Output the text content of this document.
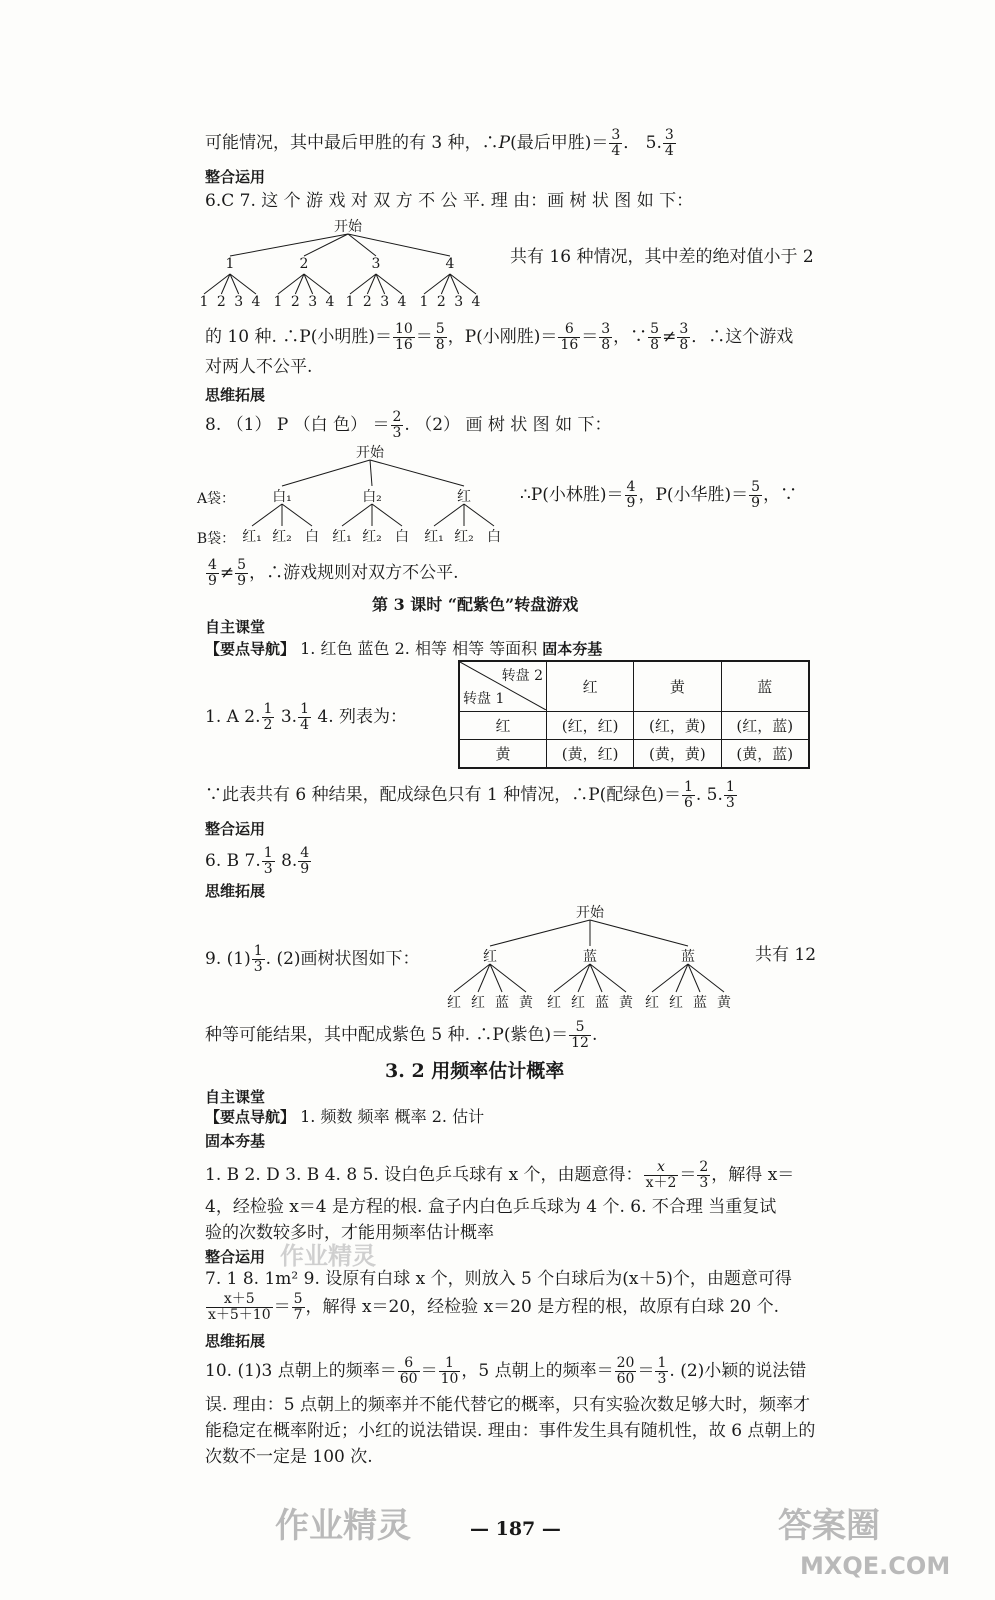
可能情况，其中最后甲胜的有 3 种，∴P(最后甲胜)＝ $\frac{3}{4}$ ． 5. $\frac{3}{4}$
整合运用
6.C 7. 这 个 游 戏 对 双 方 不 公 平. 理 由：画 树 状 图 如 下：
开始
1
1 2 3 4
2
1 2 3 4
3
1 2 3 4
4
1 2 3 4
共有 16 种情况，其中差的绝对值小于 2
的 10 种. ∴P(小明胜)＝ $\frac{10}{16} = \frac{5}{8}$ ，P(小刚胜)＝ $\frac{6}{16} = \frac{3}{8}$ ，∵ $\frac{5}{8} \ne \frac{3}{8}$ ．∴这个游戏
对两人不公平.
思维拓展
8. （1） P （白 色） ＝ $\frac{2}{3}$ . （2） 画 树 状 图 如 下：
开始
白₁
红₁ 红₂ 白
白₂
红₁ 红₂ 白
红
红₁ 红₂ 白
A袋：
B袋：
∴P(小林胜)＝ $\frac{4}{9}$ ，P(小华胜)＝ $\frac{5}{9}$ ，∵
$\frac{4}{9} \ne \frac{5}{9}$ ，∴游戏规则对双方不公平.
第 3 课时 “配紫色”转盘游戏
自主课堂
【要点导航】 1. 红色 蓝色 2. 相等 相等 等面积 固本夯基
1. A 2. $\frac{1}{2} 3$. $\frac{1}{4} 4$. 列表为：
转盘 2
转盘 1	红	黄	蓝
红	(红，红)	(红，黄)	(红，蓝)
黄	(黄，红)	(黄，黄)	(黄，蓝)
∵此表共有 6 种结果，配成绿色只有 1 种情况，∴P(配绿色)＝ $\frac{1}{6}$ . 5. $\frac{1}{3}$
整合运用
6. B 7. $\frac{1}{3} 8$. $\frac{4}{9}$
思维拓展
开始
红
红 红 蓝 黄
蓝
红 红 蓝 黄
蓝
红 红 蓝 黄
9. $(1) \frac{1}{3}$ . (2)画树状图如下：	共有 12
种等可能结果，其中配成紫色 5 种. ∴P(紫色)＝ $\frac{5}{12}$ .
3. 2 用频率估计概率
自主课堂
【要点导航】 1. 频数 频率 概率 2. 估计
固本夯基
1. B 2. D 3. B 4. 8 5. 设白色乒乓球有 x 个，由题意得： $\frac{x}{x+2} = \frac{2}{3}$ ，解得 x＝
4，经检验 x＝4 是方程的根. 盒子内白色乒乓球为 4 个. 6. 不合理 当重复试
验的次数较多时，才能用频率估计概率
整合运用
7. 1 8. 1m² 9. 设原有白球 x 个，则放入 5 个白球后为(x＋5)个，由题意可得
$\frac{x+5}{x+5+10} = \frac{5}{7}$ ，解得 x＝20，经检验 x＝20 是方程的根，故原有白球 20 个.
思维拓展
10. (1)3 点朝上的频率＝ $\frac{6}{60} = \frac{1}{10}$ ，5 点朝上的频率＝ $\frac{20}{60} = \frac{1}{3}$ . (2)小颖的说法错
误. 理由：5 点朝上的频率并不能代替它的概率，只有实验次数足够大时，频率才
能稳定在概率附近；小红的说法错误. 理由：事件发生具有随机性，故 6 点朝上的
次数不一定是 100 次.
— 187 —
作业精灵
作业精灵	答案圈
MXQE.COM
